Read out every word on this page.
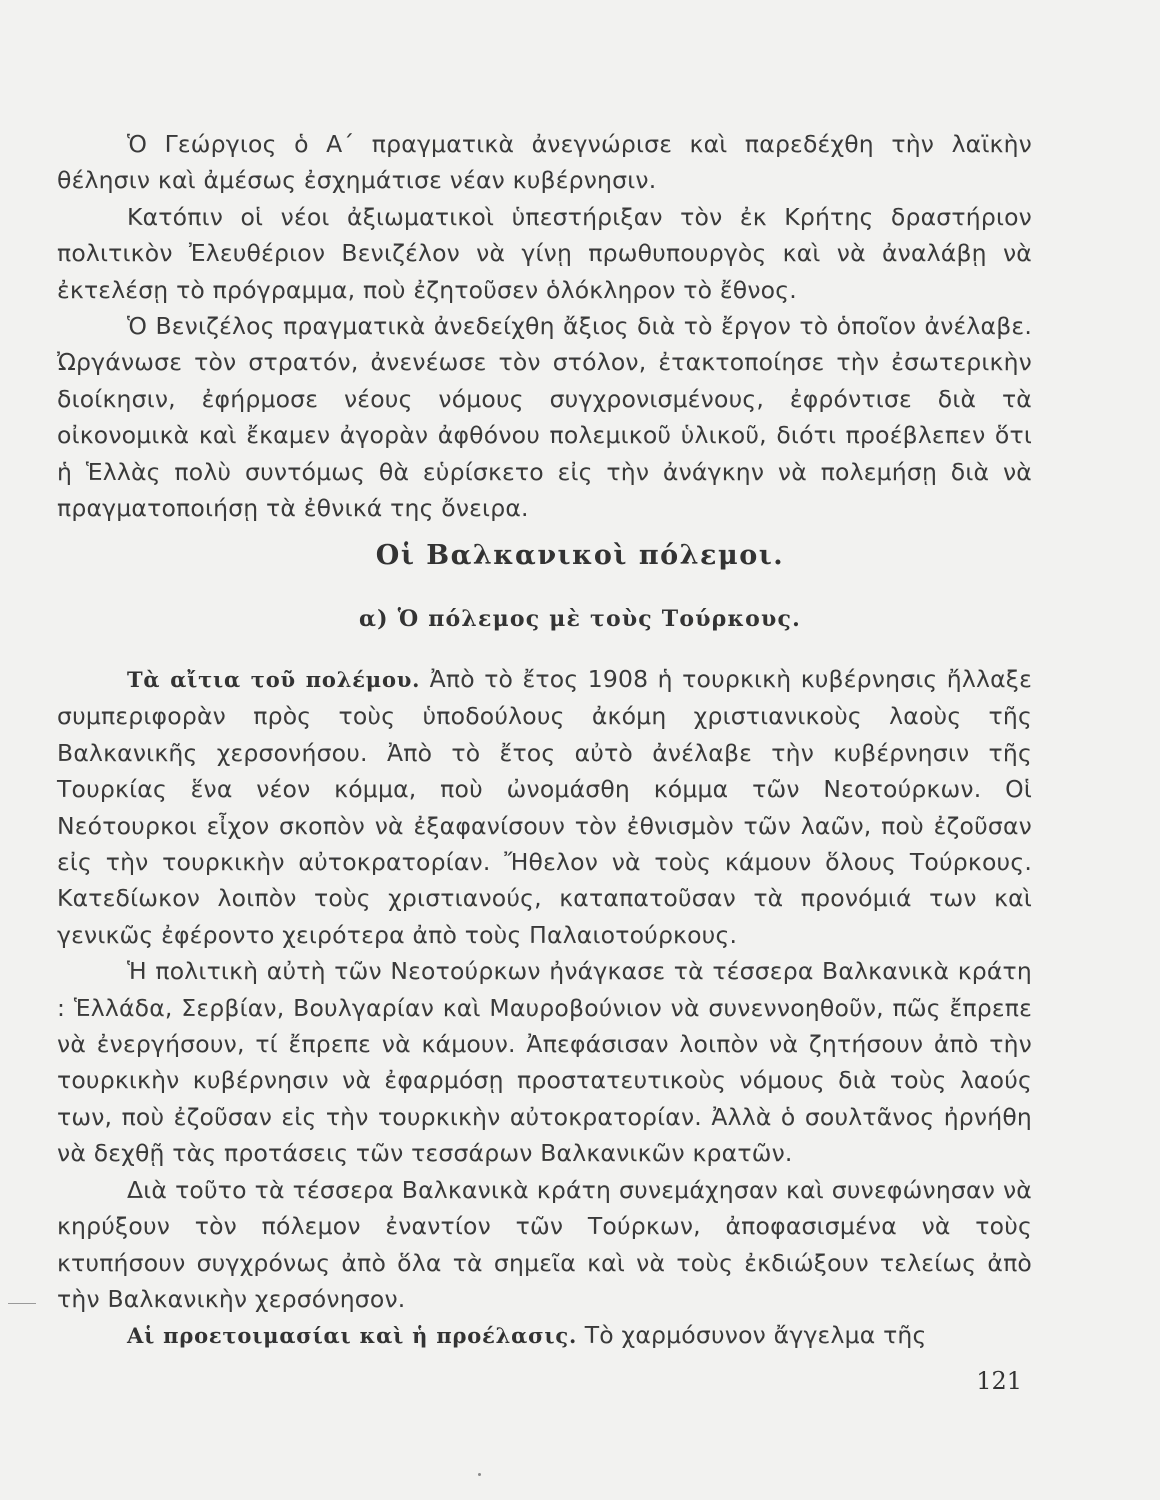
Ὁ Γεώργιος ὁ Α΄ πραγματικὰ ἀνεγνώρισε καὶ παρεδέχθη τὴν λαϊκὴν θέλησιν καὶ ἀμέσως ἐσχημάτισε νέαν κυβέρνησιν.

Κατόπιν οἱ νέοι ἀξιωματικοὶ ὑπεστήριξαν τὸν ἐκ Κρήτης δραστήριον πολιτικὸν Ἐλευθέριον Βενιζέλον νὰ γίνῃ πρωθυπουργὸς καὶ νὰ ἀναλάβῃ νὰ ἐκτελέσῃ τὸ πρόγραμμα, ποὺ ἐζητοῦσεν ὁλόκληρον τὸ ἔθνος.

Ὁ Βενιζέλος πραγματικὰ ἀνεδείχθη ἄξιος διὰ τὸ ἔργον τὸ ὁποῖον ἀνέλαβε. Ὠργάνωσε τὸν στρατόν, ἀνενέωσε τὸν στόλον, ἐτακτοποίησε τὴν ἐσωτερικὴν διοίκησιν, ἐφήρμοσε νέους νόμους συγχρονισμένους, ἐφρόντισε διὰ τὰ οἰκονομικὰ καὶ ἔκαμεν ἀγορὰν ἀφθόνου πολεμικοῦ ὑλικοῦ, διότι προέβλεπεν ὅτι ἡ Ἑλλὰς πολὺ συντόμως θὰ εὑρίσκετο εἰς τὴν ἀνάγκην νὰ πολεμήσῃ διὰ νὰ πραγματοποιήσῃ τὰ ἐθνικά της ὄνειρα.

Οἱ Βαλκανικοὶ πόλεμοι.
α) Ὁ πόλεμος μὲ τοὺς Τούρκους.

Τὰ αἴτια τοῦ πολέμου. Ἀπὸ τὸ ἔτος 1908 ἡ τουρκικὴ κυβέρνησις ἤλλαξε συμπεριφορὰν πρὸς τοὺς ὑποδούλους ἀκόμη χριστιανικοὺς λαοὺς τῆς Βαλκανικῆς χερσονήσου. Ἀπὸ τὸ ἔτος αὐτὸ ἀνέλαβε τὴν κυβέρνησιν τῆς Τουρκίας ἕνα νέον κόμμα, ποὺ ὠνομάσθη κόμμα τῶν Νεοτούρκων. Οἱ Νεότουρκοι εἶχον σκοπὸν νὰ ἐξαφανίσουν τὸν ἐθνισμὸν τῶν λαῶν, ποὺ ἐζοῦσαν εἰς τὴν τουρκικὴν αὐτοκρατορίαν. Ἤθελον νὰ τοὺς κάμουν ὅλους Τούρκους. Κατεδίωκον λοιπὸν τοὺς χριστιανούς, καταπατοῦσαν τὰ προνόμιά των καὶ γενικῶς ἐφέροντο χειρότερα ἀπὸ τοὺς Παλαιοτούρκους.

Ἡ πολιτικὴ αὐτὴ τῶν Νεοτούρκων ἠνάγκασε τὰ τέσσερα Βαλκανικὰ κράτη : Ἑλλάδα, Σερβίαν, Βουλγαρίαν καὶ Μαυροβούνιον νὰ συνεννοηθοῦν, πῶς ἔπρεπε νὰ ἐνεργήσουν, τί ἔπρεπε νὰ κάμουν. Ἀπεφάσισαν λοιπὸν νὰ ζητήσουν ἀπὸ τὴν τουρκικὴν κυβέρνησιν νὰ ἐφαρμόσῃ προστατευτικοὺς νόμους διὰ τοὺς λαούς των, ποὺ ἐζοῦσαν εἰς τὴν τουρκικὴν αὐτοκρατορίαν. Ἀλλὰ ὁ σουλτᾶνος ἠρνήθη νὰ δεχθῇ τὰς προτάσεις τῶν τεσσάρων Βαλκανικῶν κρατῶν.

Διὰ τοῦτο τὰ τέσσερα Βαλκανικὰ κράτη συνεμάχησαν καὶ συνεφώνησαν νὰ κηρύξουν τὸν πόλεμον ἐναντίον τῶν Τούρκων, ἀποφασισμένα νὰ τοὺς κτυπήσουν συγχρόνως ἀπὸ ὅλα τὰ σημεῖα καὶ νὰ τοὺς ἐκδιώξουν τελείως ἀπὸ τὴν Βαλκανικὴν χερσόνησον.

Αἱ προετοιμασίαι καὶ ἡ προέλασις. Τὸ χαρμόσυνον ἄγγελμα τῆς

121
